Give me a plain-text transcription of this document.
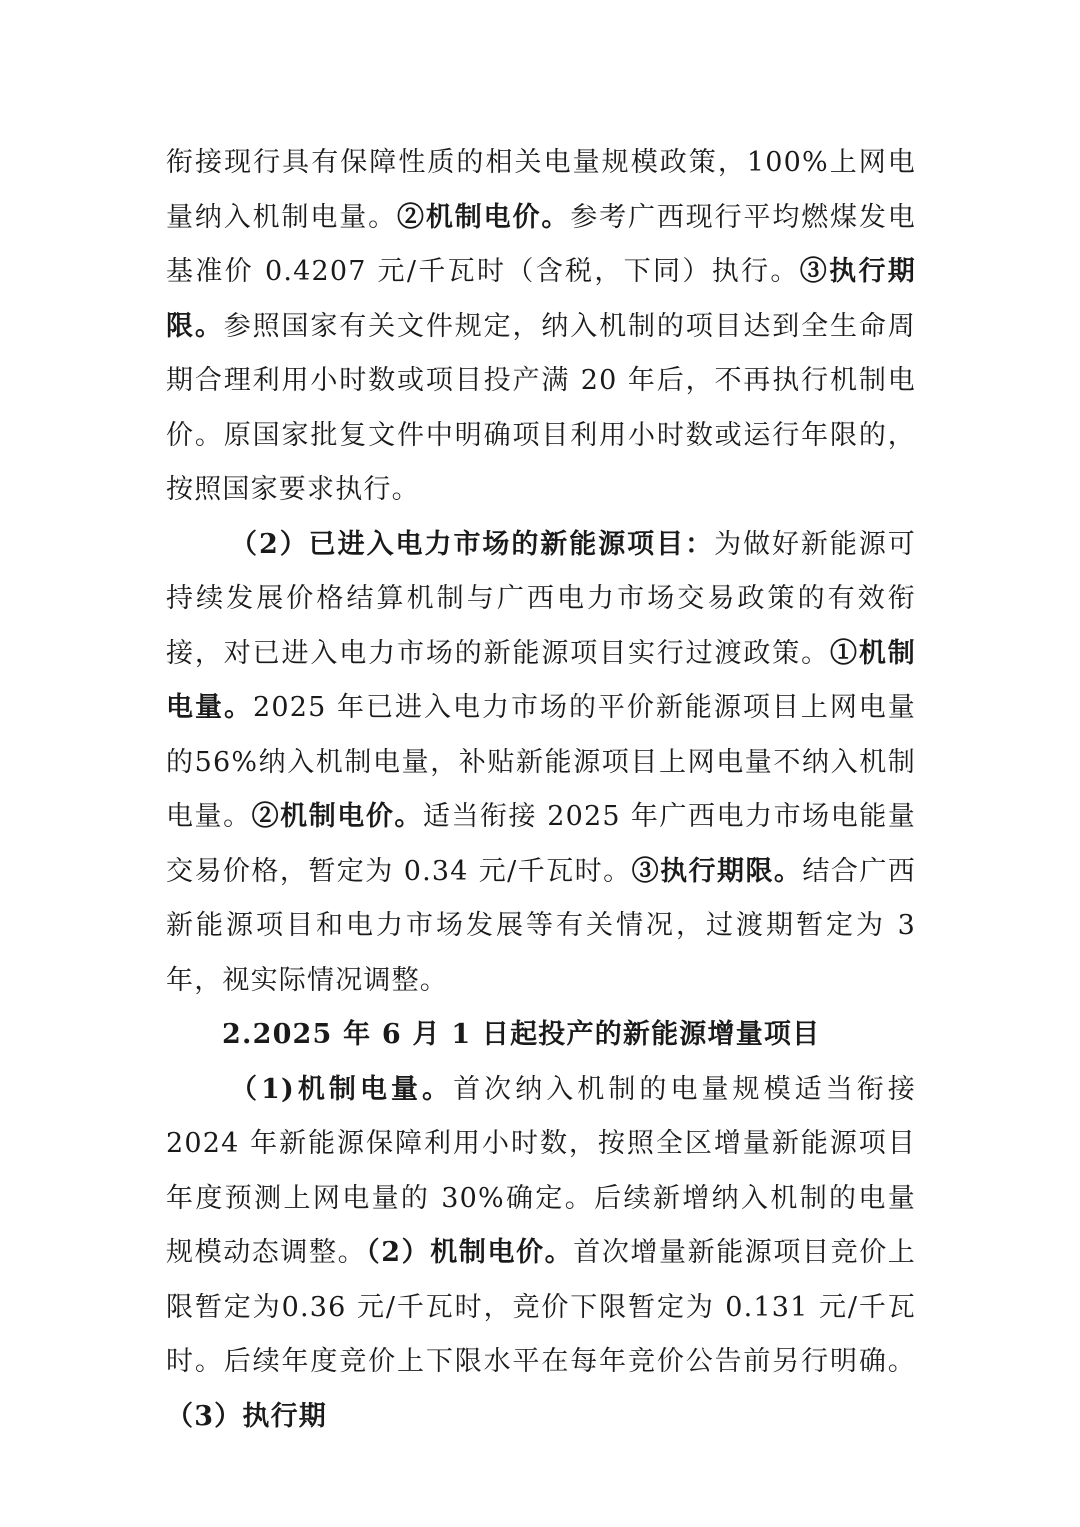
衔接现行具有保障性质的相关电量规模政策，100%上网电量纳入机制电量。②机制电价。参考广西现行平均燃煤发电基准价 0.4207 元/千瓦时（含税，下同）执行。③执行期限。参照国家有关文件规定，纳入机制的项目达到全生命周期合理利用小时数或项目投产满 20 年后，不再执行机制电价。原国家批复文件中明确项目利用小时数或运行年限的，按照国家要求执行。

（2）已进入电力市场的新能源项目：为做好新能源可持续发展价格结算机制与广西电力市场交易政策的有效衔接，对已进入电力市场的新能源项目实行过渡政策。①机制电量。2025 年已进入电力市场的平价新能源项目上网电量的56%纳入机制电量，补贴新能源项目上网电量不纳入机制电量。②机制电价。适当衔接 2025 年广西电力市场电能量交易价格，暂定为 0.34 元/千瓦时。③执行期限。结合广西新能源项目和电力市场发展等有关情况，过渡期暂定为 3 年，视实际情况调整。

2.2025 年 6 月 1 日起投产的新能源增量项目

（1)机制电量。首次纳入机制的电量规模适当衔接 2024 年新能源保障利用小时数，按照全区增量新能源项目年度预测上网电量的 30%确定。后续新增纳入机制的电量规模动态调整。（2）机制电价。首次增量新能源项目竞价上限暂定为0.36 元/千瓦时，竞价下限暂定为 0.131 元/千瓦时。后续年度竞价上下限水平在每年竞价公告前另行明确。（3）执行期
